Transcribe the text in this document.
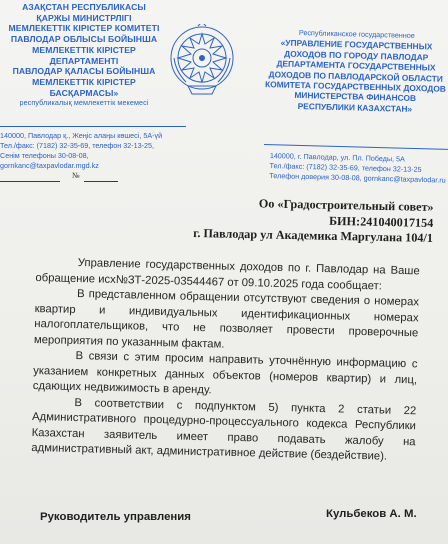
АЗАҚСТАН РЕСПУБЛИКАСЫ
ҚАРЖЫ МИНИСТРЛІГІ
МЕМЛЕКЕТТІК КІРІСТЕР КОМИТЕТІ
ПАВЛОДАР ОБЛЫСЫ БОЙЫНША
МЕМЛЕКЕТТІК КІРІСТЕР ДЕПАРТАМЕНТІ
ПАВЛОДАР ҚАЛАСЫ БОЙЫНША
МЕМЛЕКЕТТІК КІРІСТЕР БАСҚАРМАСЫ»
республикалық мемлекеттік мекемесі
Республиканское государственное
«УПРАВЛЕНИЕ ГОСУДАРСТВЕННЫХ
ДОХОДОВ ПО ГОРОДУ ПАВЛОДАР
ДЕПАРТАМЕНТА ГОСУДАРСТВЕННЫХ
ДОХОДОВ ПО ПАВЛОДАРСКОЙ ОБЛАСТИ
КОМИТЕТА ГОСУДАРСТВЕННЫХ ДОХОДОВ
МИНИСТЕРСТВА ФИНАНСОВ
РЕСПУБЛИКИ КАЗАХСТАН»
140000, Павлодар қ., Жеңіс алаңы көшесі, 5А-үй
Тел./факс: (7182) 32-35-69, телефон 32-13-25,
Сенім телефоны 30-08-08, gornkanc@taxpavlodar.mgd.kz
140000, г. Павлодар, ул. Пл. Победы, 5А
Тел./факс: (7182) 32-35-69, телефон 32-13-25
Телефон доверия 30-08-08, gornkanc@taxpavlodar.ru
№
Оо «Градостроительный совет»
БИН:241040017154
г. Павлодар ул Академика Маргулана 104/1

Управление государственных доходов по г. Павлодар на Ваше обращение исх№ЗТ-2025-03544467 от 09.10.2025 года сообщает:

В представленном обращении отсутствуют сведения о номерах квартир и индивидуальных идентификационных номерах налогоплательщиков, что не позволяет провести проверочные мероприятия по указанным фактам.

В связи с этим просим направить уточнённую информацию с указанием конкретных данных объектов (номеров квартир) и лиц, сдающих недвижимость в аренду.

В соответствии с подпунктом 5) пункта 2 статьи 22 Административного процедурно-процессуального кодекса Республики Казахстан заявитель имеет право подавать жалобу на административный акт, административное действие (бездействие).

Руководитель управления	Кульбеков А. М.
